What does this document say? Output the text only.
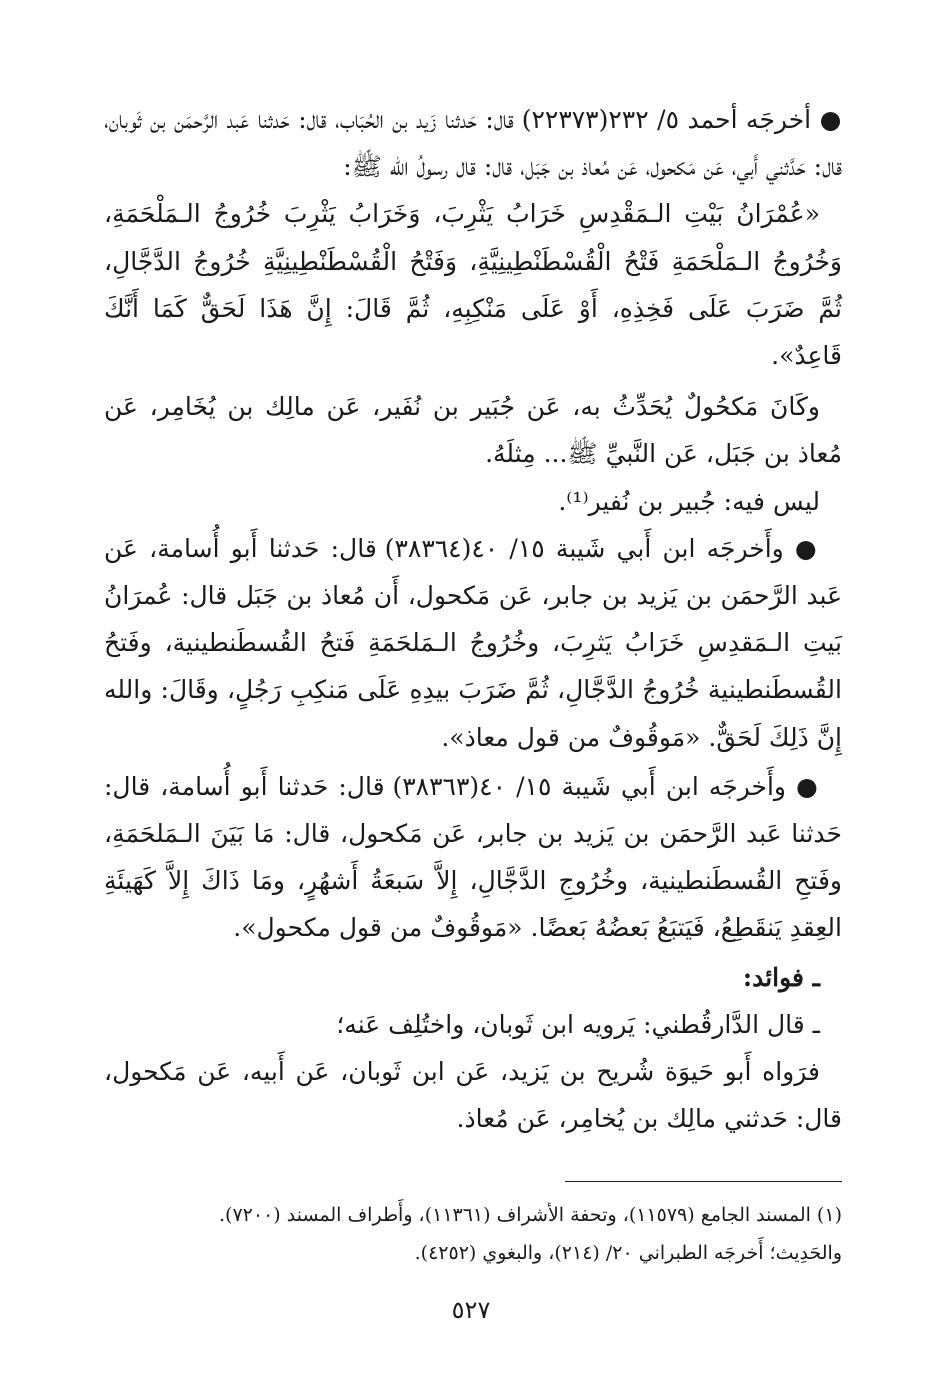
● أخرجَه أحمد ٥/ ٢٣٢(٢٢٣٧٣) قال: حَدثنا زَيد بن الحُبَاب، قال: حَدثنا عَبد الرَّحمَن بن ثَوبان، قال: حَدَّثني أَبي، عَن مَكحول، عَن مُعاذ بن جَبَل، قال: قال رسولُ الله ﷺ:

«عُمْرَانُ بَيْتِ الـمَقْدِسِ خَرَابُ يَثْرِبَ، وَخَرَابُ يَثْرِبَ خُرُوجُ الـمَلْحَمَةِ، وَخُرُوجُ الـمَلْحَمَةِ فَتْحُ الْقُسْطَنْطِينِيَّةِ، وَفَتْحُ الْقُسْطَنْطِينِيَّةِ خُرُوجُ الدَّجَّالِ، ثُمَّ ضَرَبَ عَلَى فَخِذِهِ، أَوْ عَلَى مَنْكِبِهِ، ثُمَّ قَالَ: إِنَّ هَذَا لَحَقٌّ كَمَا أَنَّكَ قَاعِدٌ».

وكَانَ مَكحُولٌ يُحَدِّثُ به، عَن جُبَير بن نُفَير، عَن مالِك بن يُخَامِر، عَن مُعاذ بن جَبَل، عَن النَّبيِّ ﷺ... مِثلَهُ.

ليس فيه: جُبير بن نُفير⁽¹⁾.

● وأَخرجَه ابن أَبي شَيبة ١٥/ ٤٠(٣٨٣٦٤) قال: حَدثنا أَبو أُسامة، عَن عَبد الرَّحمَن بن يَزيد بن جابر، عَن مَكحول، أَن مُعاذ بن جَبَل قال: عُمرَانُ بَيتِ الـمَقدِسِ خَرَابُ يَثرِبَ، وخُرُوجُ الـمَلحَمَةِ فَتحُ القُسطَنطينية، وفَتحُ القُسطَنطينية خُرُوجُ الدَّجَّالِ، ثُمَّ ضَرَبَ بيدِهِ عَلَى مَنكِبِ رَجُلٍ، وقَالَ: والله إِنَّ ذَلِكَ لَحَقٌّ. «مَوقُوفٌ من قول معاذ».

● وأَخرجَه ابن أَبي شَيبة ١٥/ ٤٠(٣٨٣٦٣) قال: حَدثنا أَبو أُسامة، قال: حَدثنا عَبد الرَّحمَن بن يَزيد بن جابر، عَن مَكحول، قال: مَا بَيَنَ الـمَلحَمَةِ، وفَتحِ القُسطَنطينية، وخُرُوجِ الدَّجَّالِ، إِلاَّ سَبعَةُ أَشهُرٍ، ومَا ذَاكَ إِلاَّ كَهَيئَةِ العِقدِ يَنقَطِعُ، فَيَتبَعُ بَعضُهُ بَعضًا. «مَوقُوفٌ من قول مكحول».

ـ فوائد:

ـ قال الدَّارقُطني: يَرويه ابن ثَوبان، واختُلِف عَنه؛

فرَواه أَبو حَيوَة شُريح بن يَزيد، عَن ابن ثَوبان، عَن أَبيه، عَن مَكحول، قال: حَدثني مالِك بن يُخامِر، عَن مُعاذ.

(١) المسند الجامع (١١٥٧٩)، وتحفة الأشراف (١١٣٦١)، وأَطراف المسند (٧٢٠٠).

والحَدِيث؛ أَخرجَه الطبراني ٢٠/ (٢١٤)، والبغوي (٤٢٥٢).

٥٢٧
